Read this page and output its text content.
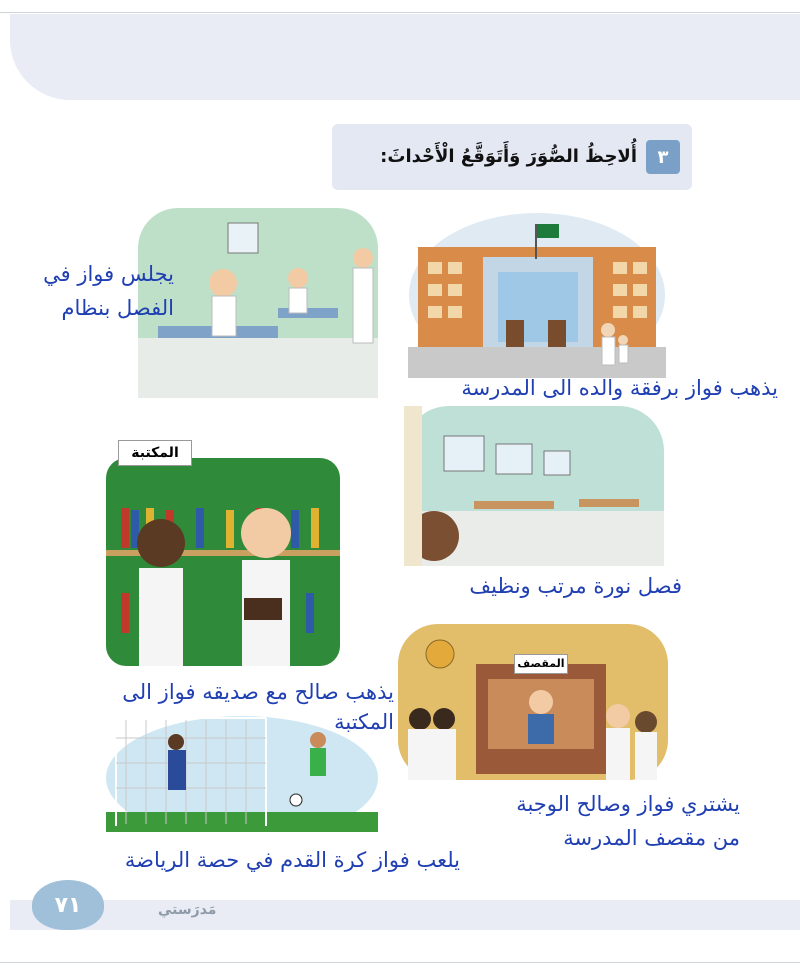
٣
أُلاحِظُ الصُّوَرَ وَأَتَوَقَّعُ الْأَحْداثَ:
يذهب فواز برفقة والده الى المدرسة
يجلس فواز في
الفصل بنظام
فصل نورة مرتب ونظيف
المكتبة
يذهب صالح مع صديقه فواز الى
المكتبة
المقصف
يشتري فواز وصالح الوجبة
من مقصف المدرسة
يلعب فواز كرة القدم في حصة الرياضة
٧١	مَدرَستي
